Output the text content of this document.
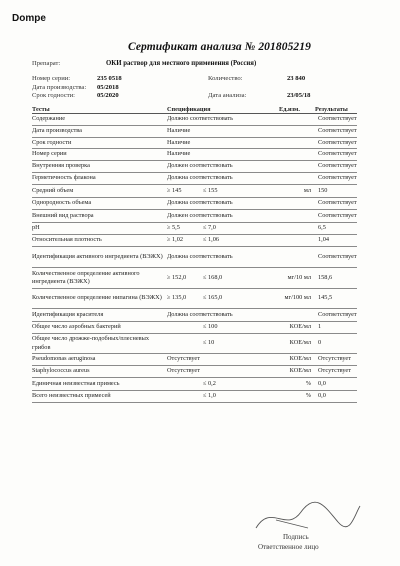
Dompe
Сертификат анализа № 201805219
Препарат:	ОКИ раствор для местного применения (Россия)
Номер серии:	235 0518	Количество:	23 840
Дата производства: 05/2018
Срок годности:	05/2020	Дата анализа:	23/05/18
Тесты	Спецификация	Ед.изм.	Результаты
Содержание	Должно соответствовать		Соответствует
Дата производства	Наличие		Соответствует
Срок годности	Наличие		Соответствует
Номер серии	Наличие		Соответствует
Внутренняя проверка	Должен соответствовать		Соответствует
Герметичность флакона	Должна соответствовать		Соответствует
Средний объем	≥ 145 ≤ 155	мл	150
Однородность объема	Должна соответствовать		Соответствует
Внешний вид раствора	Должен соответствовать		Соответствует
pH	≥ 5,5 ≤ 7,0		6,5
Относительная плотность	≥ 1,02 ≤ 1,06		1,04
Идентификация активного ингредиента (ВЭЖХ)	Должна соответствовать		Соответствует
Количественное определение активного ингредиента (ВЭЖХ)	≥ 152,0 ≤ 168,0	мг/10 мл	158,6
Количественное определение нипагина (ВЭЖХ)	≥ 135,0 ≤ 165,0	мг/100 мл	145,5
Идентификация красителя	Должна соответствовать		Соответствует
Общее число аэробных бактерий	≤ 100	КОЕ/мл	1
Общее число дрожже-подобных/плесневых грибов	≤ 10	КОЕ/мл	0
Pseudomonas aeruginosa	Отсутствует	КОЕ/мл	Отсутствует
Staphylococcus aureus	Отсутствует	КОЕ/мл	Отсутствует
Единичная неизвестная примесь	≤ 0,2	%	0,0
Всего неизвестных примесей	≤ 1,0	%	0,0
Подпись
Ответственное лицо
